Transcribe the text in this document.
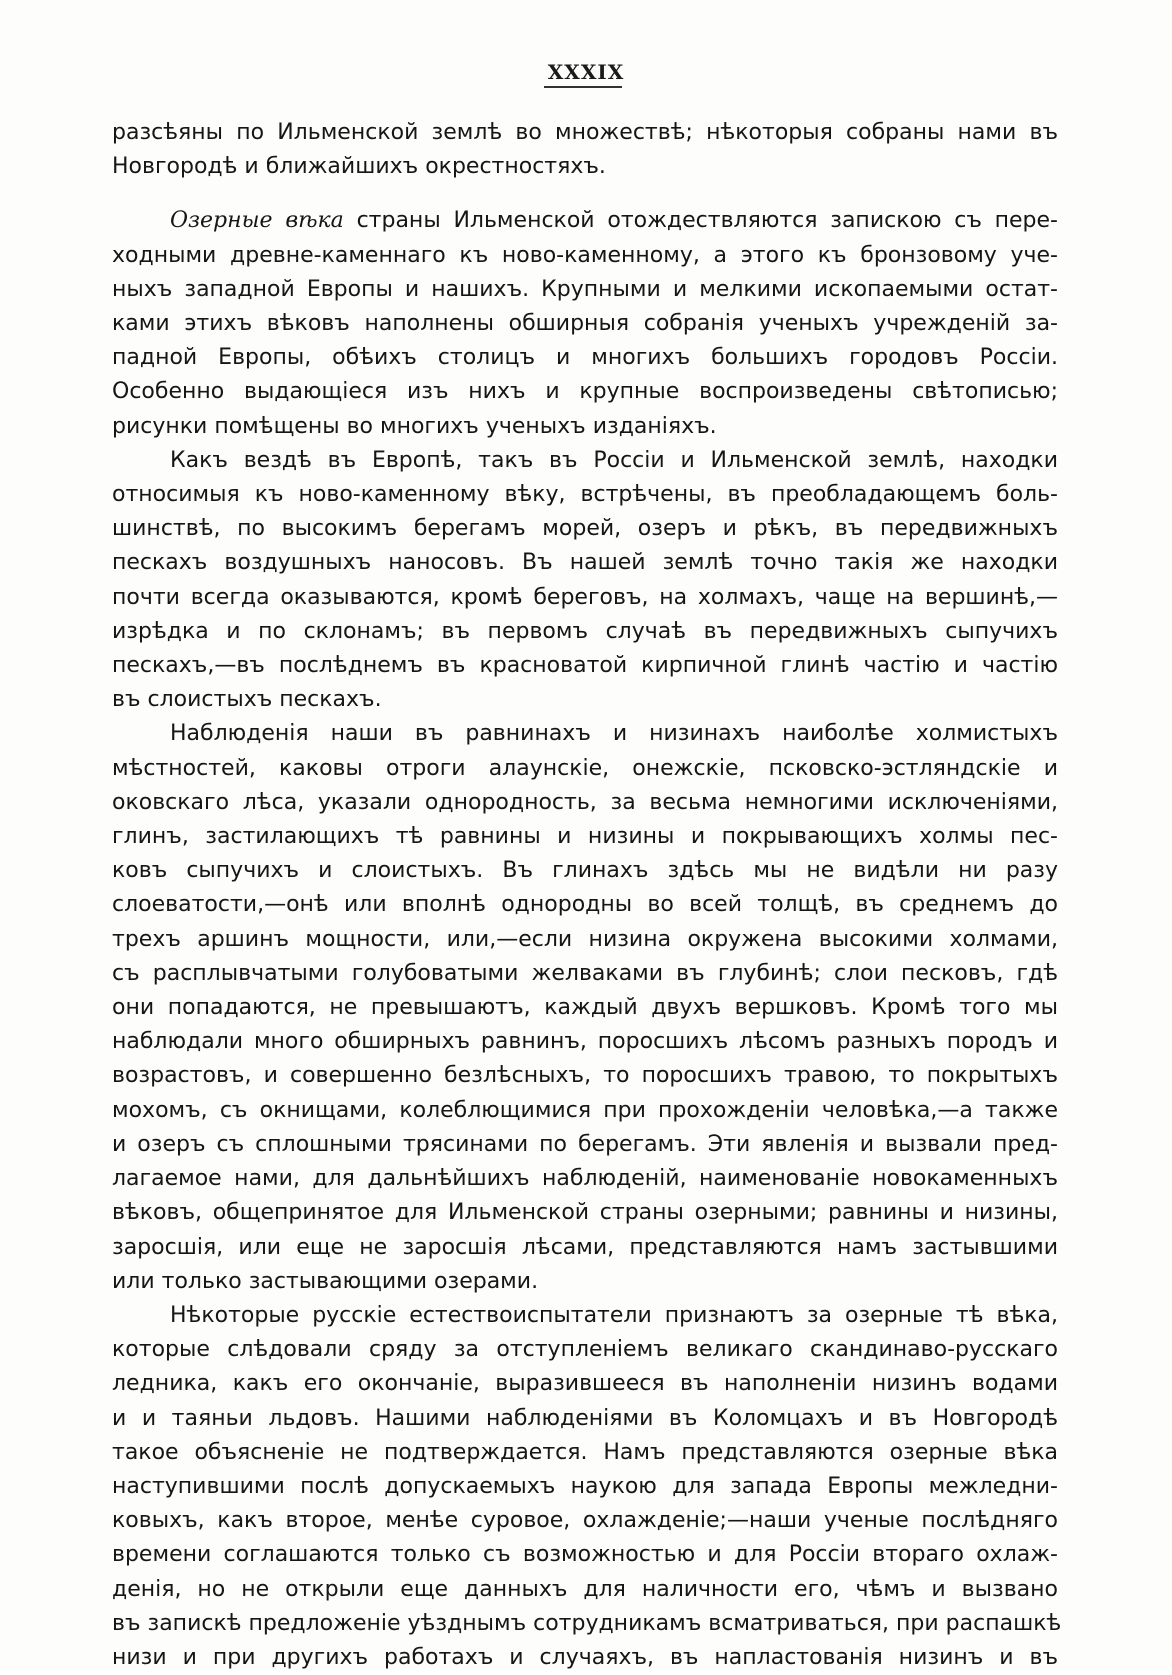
XXXIX
разсѣяны по Ильменской землѣ во множествѣ; нѣкоторыя собраны нами въ
Новгородѣ и ближайшихъ окрестностяхъ.
Озерные вѣка страны Ильменской отождествляются запискою съ пере-
ходными древне-каменнаго къ ново-каменному, а этого къ бронзовому уче-
ныхъ западной Европы и нашихъ. Крупными и мелкими ископаемыми остат-
ками этихъ вѣковъ наполнены обширныя собранія ученыхъ учрежденій за-
падной Европы, обѣихъ столицъ и многихъ большихъ городовъ Россіи.
Особенно выдающіеся изъ нихъ и крупные воспроизведены свѣтописью;
рисунки помѣщены во многихъ ученыхъ изданіяхъ.
Какъ вездѣ въ Европѣ, такъ въ Россіи и Ильменской землѣ, находки
относимыя къ ново-каменному вѣку, встрѣчены, въ преобладающемъ боль-
шинствѣ, по высокимъ берегамъ морей, озеръ и рѣкъ, въ передвижныхъ
пескахъ воздушныхъ наносовъ. Въ нашей землѣ точно такія же находки
почти всегда оказываются, кромѣ береговъ, на холмахъ, чаще на вершинѣ,—
изрѣдка и по склонамъ; въ первомъ случаѣ въ передвижныхъ сыпучихъ
пескахъ,—въ послѣднемъ въ красноватой кирпичной глинѣ частію и частію
въ слоистыхъ пескахъ.
Наблюденія наши въ равнинахъ и низинахъ наиболѣе холмистыхъ
мѣстностей, каковы отроги алаунскіе, онежскіе, псковско-эстляндскіе и
оковскаго лѣса, указали однородность, за весьма немногими исключеніями,
глинъ, застилающихъ тѣ равнины и низины и покрывающихъ холмы пес-
ковъ сыпучихъ и слоистыхъ. Въ глинахъ здѣсь мы не видѣли ни разу
слоеватости,—онѣ или вполнѣ однородны во всей толщѣ, въ среднемъ до
трехъ аршинъ мощности, или,—если низина окружена высокими холмами,
съ расплывчатыми голубоватыми желваками въ глубинѣ; слои песковъ, гдѣ
они попадаются, не превышаютъ, каждый двухъ вершковъ. Кромѣ того мы
наблюдали много обширныхъ равнинъ, поросшихъ лѣсомъ разныхъ породъ и
возрастовъ, и совершенно безлѣсныхъ, то поросшихъ травою, то покрытыхъ
мохомъ, съ окнищами, колеблющимися при прохожденіи человѣка,—а также
и озеръ съ сплошными трясинами по берегамъ. Эти явленія и вызвали пред-
лагаемое нами, для дальнѣйшихъ наблюденій, наименованіе новокаменныхъ
вѣковъ, общепринятое для Ильменской страны озерными; равнины и низины,
заросшія, или еще не заросшія лѣсами, представляются намъ застывшими
или только застывающими озерами.
Нѣкоторые русскіе естествоиспытатели признаютъ за озерные тѣ вѣка,
которые слѣдовали сряду за отступленіемъ великаго скандинаво-русскаго
ледника, какъ его окончаніе, выразившееся въ наполненіи низинъ водами
и и таяньи льдовъ. Нашими наблюденіями въ Коломцахъ и въ Новгородѣ
такое объясненіе не подтверждается. Намъ представляются озерные вѣка
наступившими послѣ допускаемыхъ наукою для запада Европы межледни-
ковыхъ, какъ второе, менѣе суровое, охлажденіе;—наши ученые послѣдняго
времени соглашаются только съ возможностью и для Россіи втораго охлаж-
денія, но не открыли еще данныхъ для наличности его, чѣмъ и вызвано
въ запискѣ предложеніе уѣзднымъ сотрудникамъ всматриваться, при распашкѣ
низи и при другихъ работахъ и случаяхъ, въ напластованія низинъ и въ
